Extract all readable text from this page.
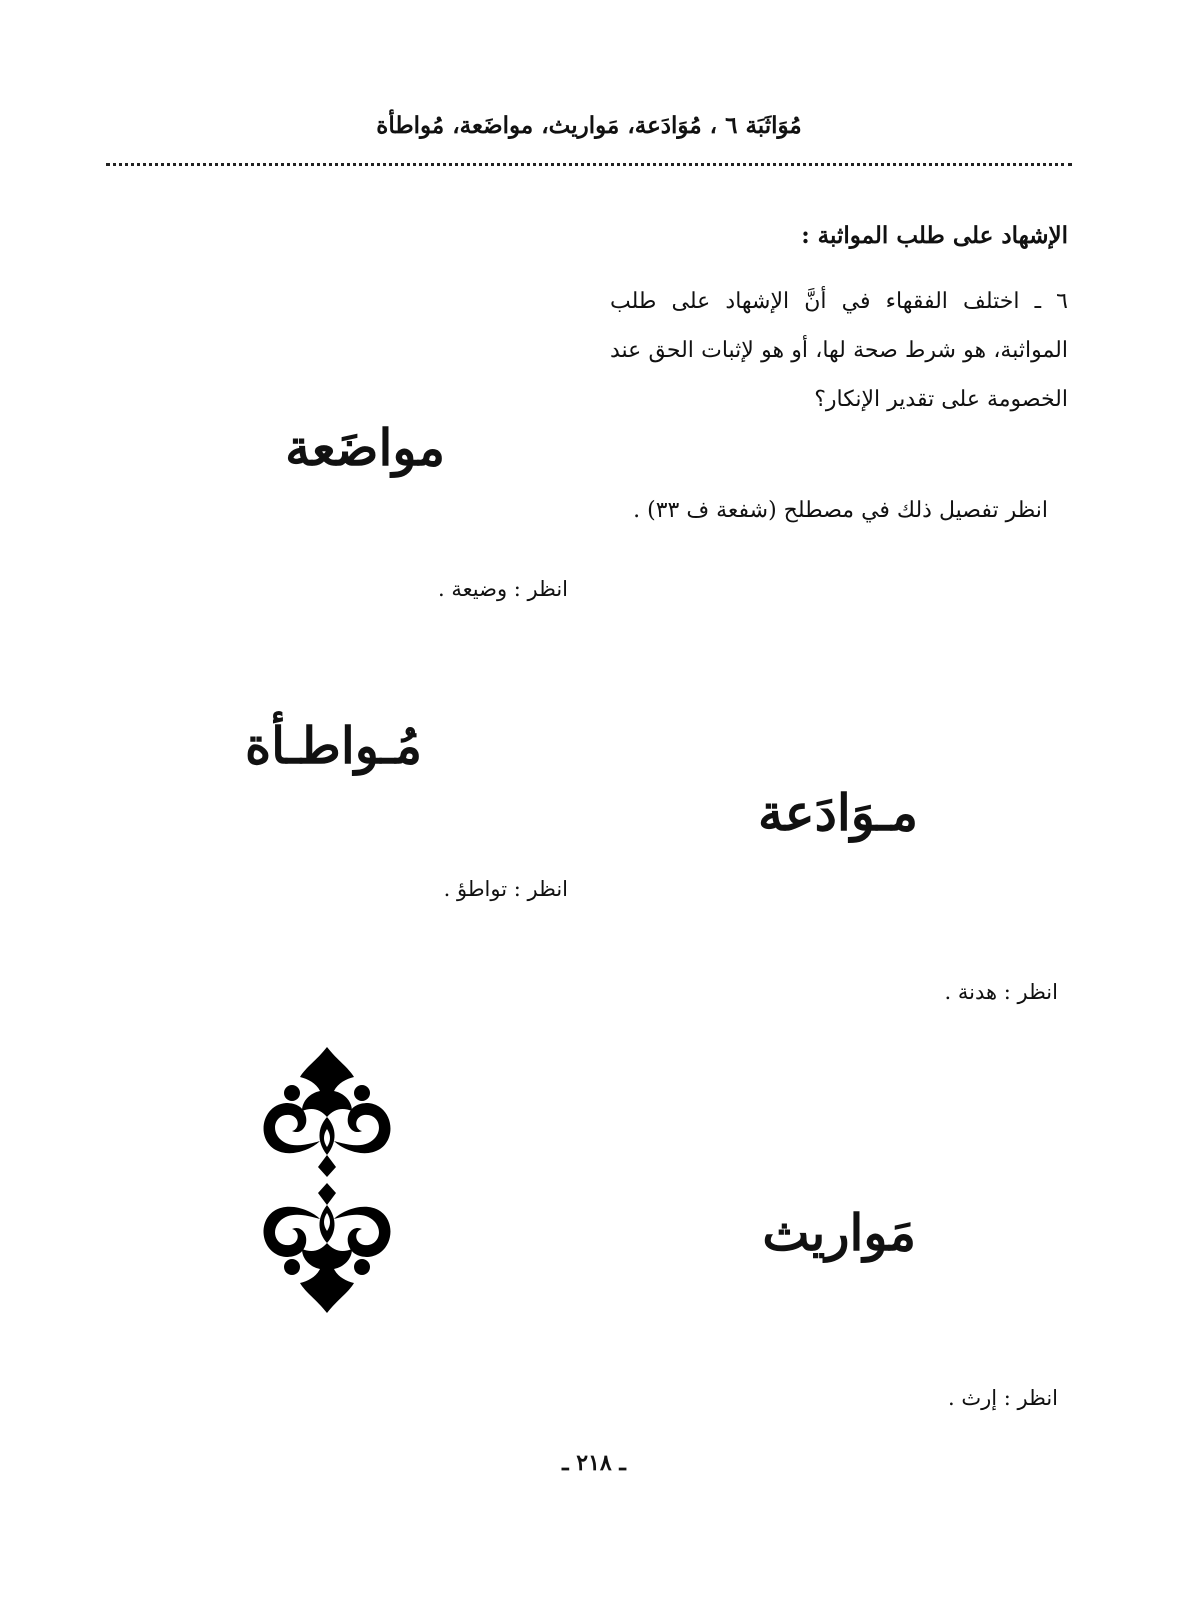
مُوَاثَبَة ٦ ، مُوَادَعة، مَواريث، مواضَعة، مُواطأة
الإشهاد على طلب المواثبة :

٦ ـ اختلف الفقهاء في أنَّ الإشهاد على طلب المواثبة، هو شرط صحة لها، أو هو لإثبات الحق عند الخصومة على تقدير الإنكار؟

انظر تفصيل ذلك في مصطلح (شفعة ف ٣٣) .

مواضَعة
انظر : وضيعة .
مُـواطـأة
انظر : تواطؤ .
مـوَادَعة
انظر : هدنة .
مَواريث
انظر : إرث .
ـ ٢١٨ ـ
